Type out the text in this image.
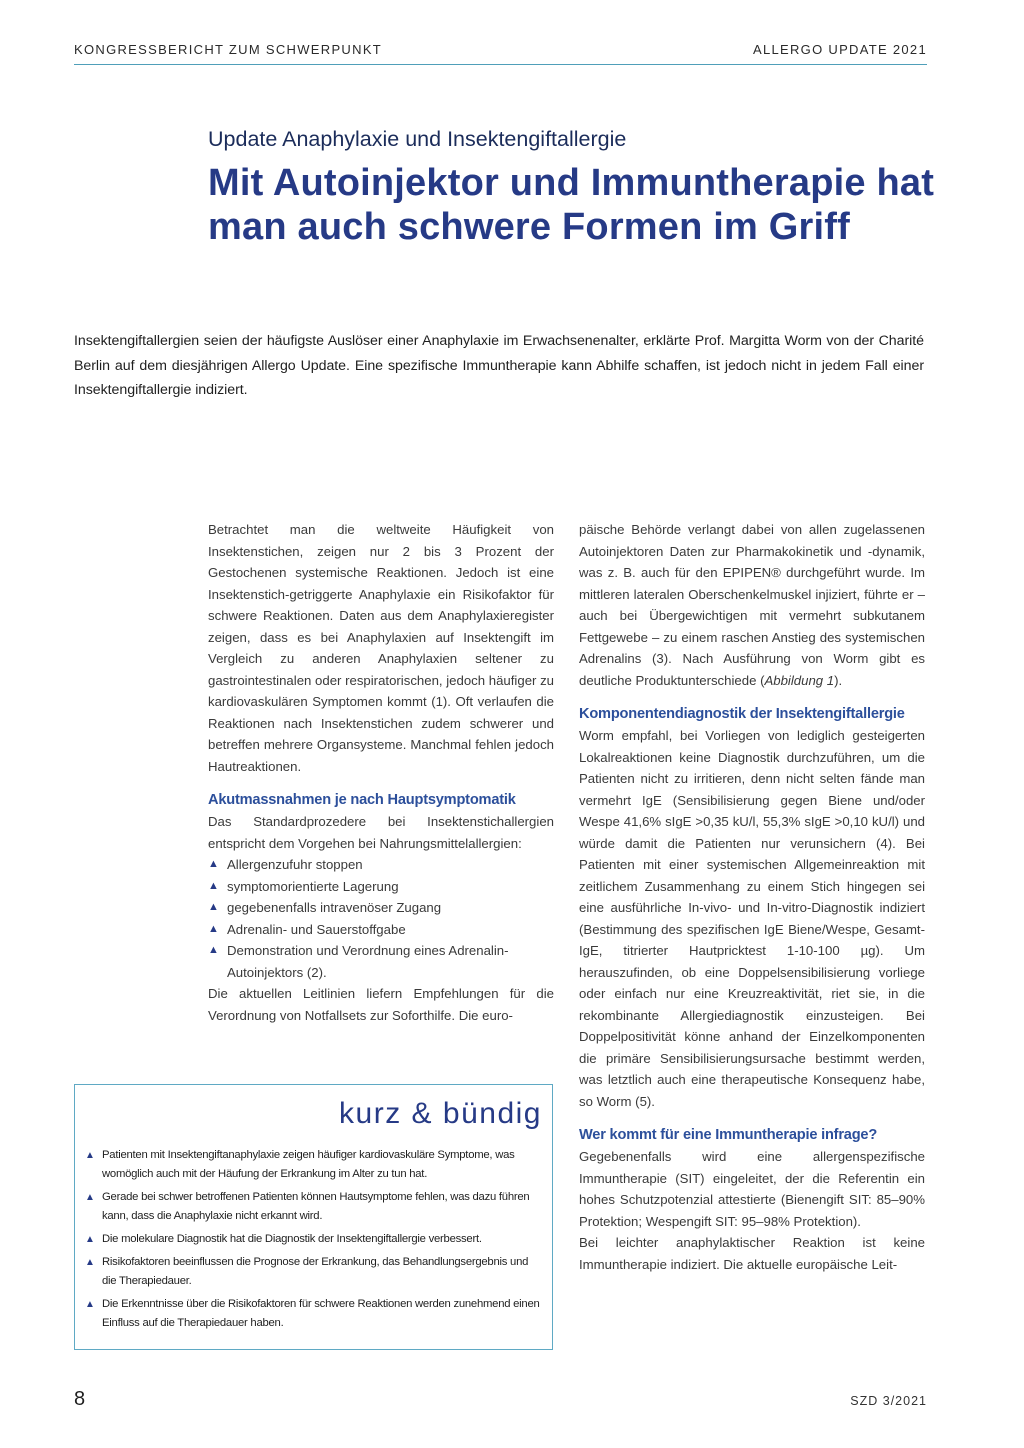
KONGRESSBERICHT ZUM SCHWERPUNKT	ALLERGO UPDATE 2021
Update Anaphylaxie und Insektengiftallergie
Mit Autoinjektor und Immuntherapie hat man auch schwere Formen im Griff
Insektengiftallergien seien der häufigste Auslöser einer Anaphylaxie im Erwachsenenalter, erklärte Prof. Margitta Worm von der Charité Berlin auf dem diesjährigen Allergo Update. Eine spezifische Immuntherapie kann Abhilfe schaffen, ist jedoch nicht in jedem Fall einer Insektengiftallergie indiziert.

Betrachtet man die weltweite Häufigkeit von Insektenstichen, zeigen nur 2 bis 3 Prozent der Gestochenen systemische Reaktionen. Jedoch ist eine Insektenstich-getriggerte Anaphylaxie ein Risikofaktor für schwere Reaktionen. Daten aus dem Anaphylaxieregister zeigen, dass es bei Anaphylaxien auf Insektengift im Vergleich zu anderen Anaphylaxien seltener zu gastrointestinalen oder respiratorischen, jedoch häufiger zu kardiovaskulären Symptomen kommt (1). Oft verlaufen die Reaktionen nach Insektenstichen zudem schwerer und betreffen mehrere Organsysteme. Manchmal fehlen jedoch Hautreaktionen.

Akutmassnahmen je nach Hauptsymptomatik

Das Standardprozedere bei Insektenstichallergien entspricht dem Vorgehen bei Nahrungsmittelallergien:

▲ Allergenzufuhr stoppen
▲ symptomorientierte Lagerung
▲ gegebenenfalls intravenöser Zugang
▲ Adrenalin- und Sauerstoffgabe
▲ Demonstration und Verordnung eines Adrenalin-Autoinjektors (2).

Die aktuellen Leitlinien liefern Empfehlungen für die Verordnung von Notfallsets zur Soforthilfe. Die euro-

päische Behörde verlangt dabei von allen zugelassenen Autoinjektoren Daten zur Pharmakokinetik und -dynamik, was z. B. auch für den EPIPEN® durchgeführt wurde. Im mittleren lateralen Oberschenkelmuskel injiziert, führte er – auch bei Übergewichtigen mit vermehrt subkutanem Fettgewebe – zu einem raschen Anstieg des systemischen Adrenalins (3). Nach Ausführung von Worm gibt es deutliche Produktunterschiede (Abbildung 1).

Komponentendiagnostik der Insektengiftallergie

Worm empfahl, bei Vorliegen von lediglich gesteigerten Lokalreaktionen keine Diagnostik durchzuführen, um die Patienten nicht zu irritieren, denn nicht selten fände man vermehrt IgE (Sensibilisierung gegen Biene und/oder Wespe 41,6% sIgE >0,35 kU/l, 55,3% sIgE >0,10 kU/l) und würde damit die Patienten nur verunsichern (4). Bei Patienten mit einer systemischen Allgemeinreaktion mit zeitlichem Zusammenhang zu einem Stich hingegen sei eine ausführliche In-vivo- und In-vitro-Diagnostik indiziert (Bestimmung des spezifischen IgE Biene/Wespe, Gesamt-IgE, titrierter Hautpricktest 1-10-100 µg). Um herauszufinden, ob eine Doppelsensibilisierung vorliege oder einfach nur eine Kreuzreaktivität, riet sie, in die rekombinante Allergiediagnostik einzusteigen. Bei Doppelpositivität könne anhand der Einzelkomponenten die primäre Sensibilisierungsursache bestimmt werden, was letztlich auch eine therapeutische Konsequenz habe, so Worm (5).

Wer kommt für eine Immuntherapie infrage?

Gegebenenfalls wird eine allergenspezifische Immuntherapie (SIT) eingeleitet, der die Referentin ein hohes Schutzpotenzial attestierte (Bienengift SIT: 85–90% Protektion; Wespengift SIT: 95–98% Protektion).

Bei leichter anaphylaktischer Reaktion ist keine Immuntherapie indiziert. Die aktuelle europäische Leit-

kurz & bündig
▲ Patienten mit Insektengiftanaphylaxie zeigen häufiger kardiovaskuläre Symptome, was womöglich auch mit der Häufung der Erkrankung im Alter zu tun hat.
▲ Gerade bei schwer betroffenen Patienten können Hautsymptome fehlen, was dazu führen kann, dass die Anaphylaxie nicht erkannt wird.
▲ Die molekulare Diagnostik hat die Diagnostik der Insektengiftallergie verbessert.
▲ Risikofaktoren beeinflussen die Prognose der Erkrankung, das Behandlungsergebnis und die Therapiedauer.
▲ Die Erkenntnisse über die Risikofaktoren für schwere Reaktionen werden zunehmend einen Einfluss auf die Therapiedauer haben.
8	SZD 3/2021
